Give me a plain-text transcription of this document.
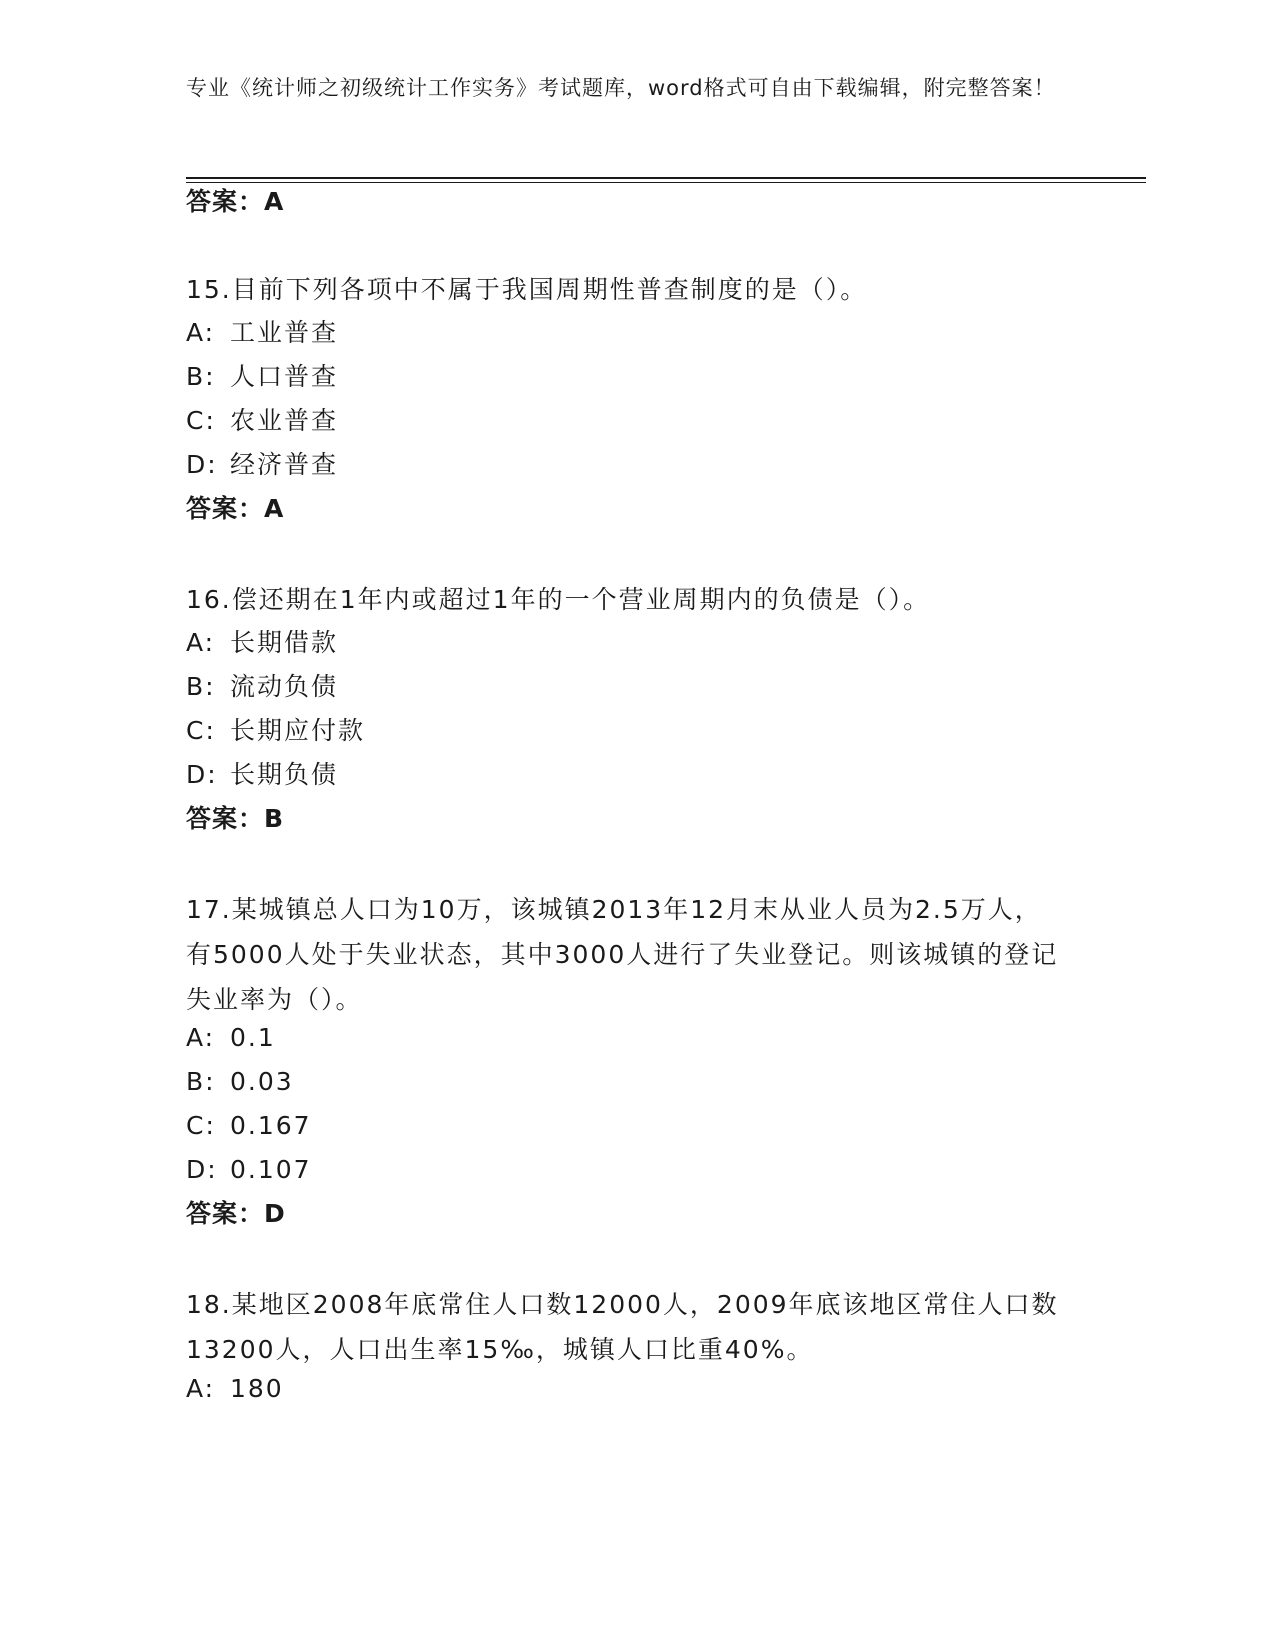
专业《统计师之初级统计工作实务》考试题库，word格式可自由下载编辑，附完整答案！
答案：A
15.目前下列各项中不属于我国周期性普查制度的是（）。
A: 工业普查
B: 人口普查
C: 农业普查
D: 经济普查
答案：A
16.偿还期在1年内或超过1年的一个营业周期内的负债是（）。
A: 长期借款
B: 流动负债
C: 长期应付款
D: 长期负债
答案：B
17.某城镇总人口为10万，该城镇2013年12月末从业人员为2.5万人，有5000人处于失业状态，其中3000人进行了失业登记。则该城镇的登记失业率为（）。
A: 0.1
B: 0.03
C: 0.167
D: 0.107
答案：D
18.某地区2008年底常住人口数12000人，2009年底该地区常住人口数13200人，人口出生率15‰，城镇人口比重40%。
A: 180
